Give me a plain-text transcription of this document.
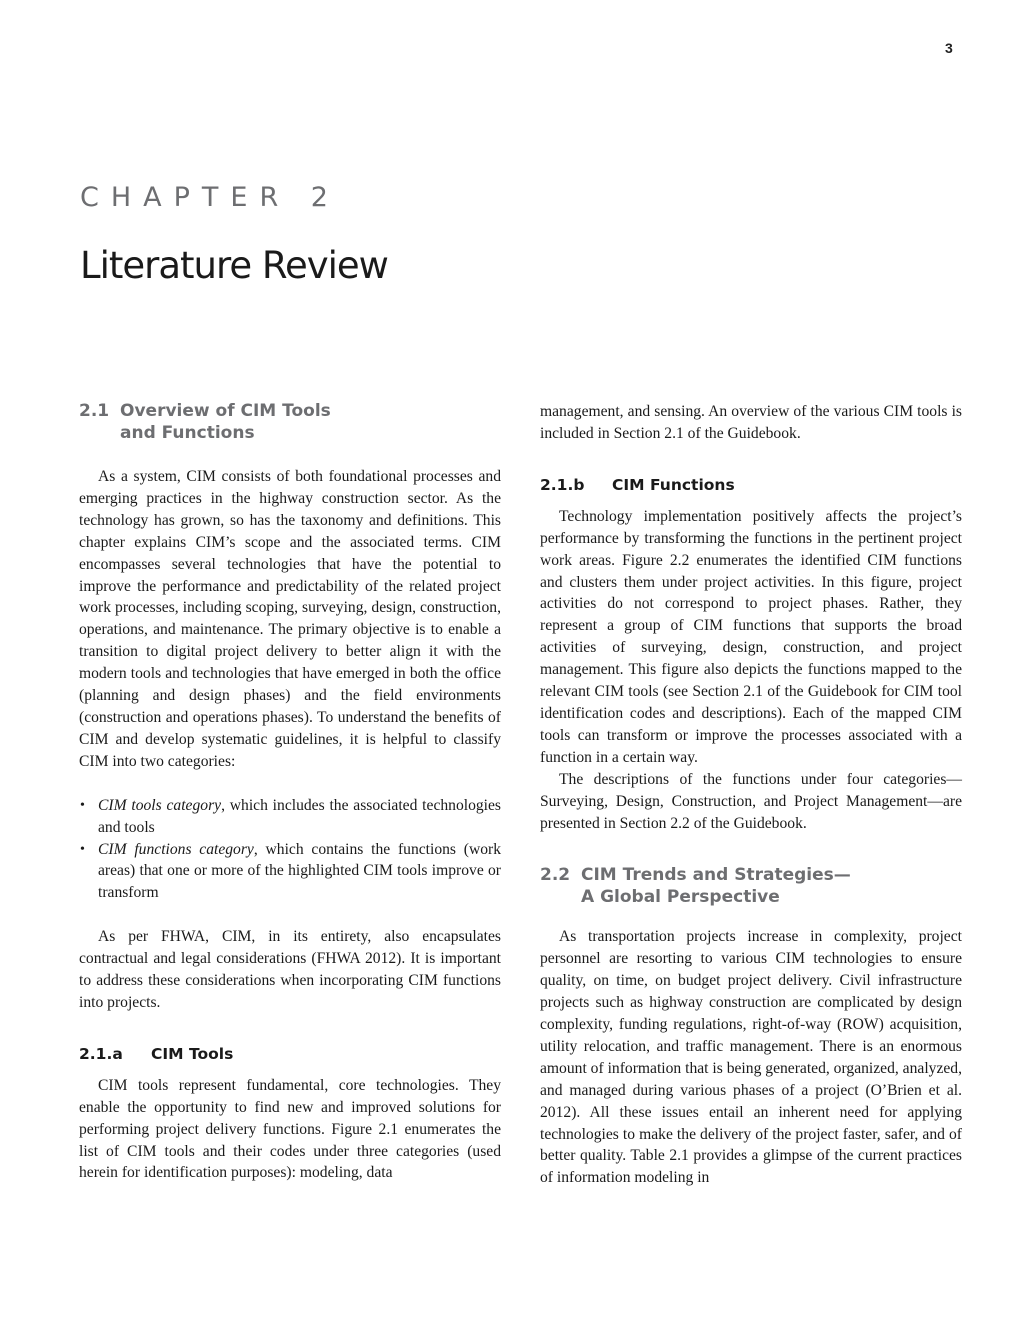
3
CHAPTER 2
Literature Review
2.1 Overview of CIM Tools
and Functions

As a system, CIM consists of both foundational processes and emerging practices in the highway construction sector. As the technology has grown, so has the taxonomy and definitions. This chapter explains CIM’s scope and the associated terms. CIM encompasses several technologies that have the potential to improve the performance and predictability of the related project work processes, including scoping, surveying, design, construction, operations, and maintenance. The primary objective is to enable a transition to digital project delivery to better align it with the modern tools and technologies that have emerged in both the office (planning and design phases) and the field environments (construction and operations phases). To understand the benefits of CIM and develop systematic guidelines, it is helpful to classify CIM into two categories:

• CIM tools category, which includes the associated technologies and tools
• CIM functions category, which contains the functions (work areas) that one or more of the highlighted CIM tools improve or transform

As per FHWA, CIM, in its entirety, also encapsulates contractual and legal considerations (FHWA 2012). It is important to address these considerations when incorporating CIM functions into projects.

2.1.a CIM Tools

CIM tools represent fundamental, core technologies. They enable the opportunity to find new and improved solutions for performing project delivery functions. Figure 2.1 enumerates the list of CIM tools and their codes under three categories (used herein for identification purposes): modeling, data

management, and sensing. An overview of the various CIM tools is included in Section 2.1 of the Guidebook.

2.1.b CIM Functions

Technology implementation positively affects the project’s performance by transforming the functions in the pertinent project work areas. Figure 2.2 enumerates the identified CIM functions and clusters them under project activities. In this figure, project activities do not correspond to project phases. Rather, they represent a group of CIM functions that supports the broad activities of surveying, design, construction, and project management. This figure also depicts the functions mapped to the relevant CIM tools (see Section 2.1 of the Guidebook for CIM tool identification codes and descriptions). Each of the mapped CIM tools can transform or improve the processes associated with a function in a certain way.

The descriptions of the functions under four categories—Surveying, Design, Construction, and Project Management—are presented in Section 2.2 of the Guidebook.

2.2 CIM Trends and Strategies—
A Global Perspective

As transportation projects increase in complexity, project personnel are resorting to various CIM technologies to ensure quality, on time, on budget project delivery. Civil infrastructure projects such as highway construction are complicated by design complexity, funding regulations, right-of-way (ROW) acquisition, utility relocation, and traffic management. There is an enormous amount of information that is being generated, organized, analyzed, and managed during various phases of a project (O’Brien et al. 2012). All these issues entail an inherent need for applying technologies to make the delivery of the project faster, safer, and of better quality. Table 2.1 provides a glimpse of the current practices of information modeling in
